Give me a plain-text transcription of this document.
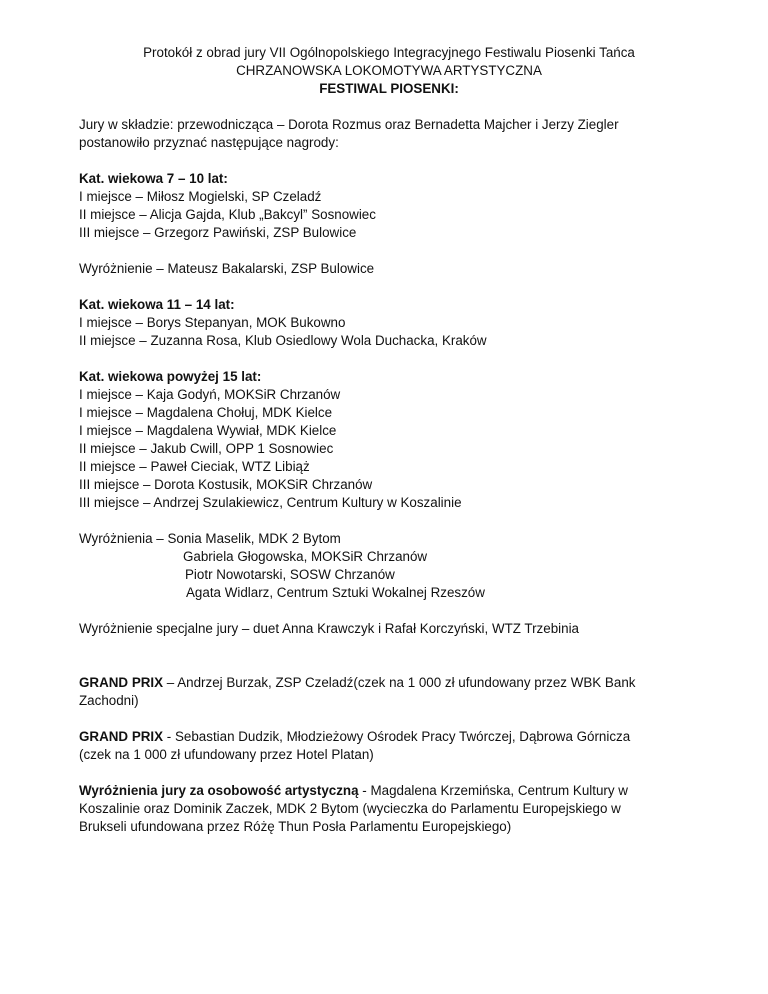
Protokół z obrad jury VII Ogólnopolskiego Integracyjnego Festiwalu Piosenki Tańca
CHRZANOWSKA LOKOMOTYWA ARTYSTYCZNA
FESTIWAL PIOSENKI:
Jury w składzie: przewodnicząca – Dorota Rozmus oraz Bernadetta Majcher i Jerzy Ziegler
postanowiło przyznać następujące nagrody:
Kat. wiekowa 7 – 10 lat:
I miejsce – Miłosz Mogielski, SP Czeladź
II miejsce – Alicja Gajda, Klub „Bakcyl” Sosnowiec
III miejsce – Grzegorz Pawiński, ZSP Bulowice
Wyróżnienie – Mateusz Bakalarski, ZSP Bulowice
Kat. wiekowa 11 – 14 lat:
I miejsce – Borys Stepanyan, MOK Bukowno
II miejsce – Zuzanna Rosa, Klub Osiedlowy Wola Duchacka, Kraków
Kat. wiekowa powyżej 15 lat:
I miejsce – Kaja Godyń, MOKSiR Chrzanów
I miejsce – Magdalena Chołuj, MDK Kielce
I miejsce – Magdalena Wywiał, MDK Kielce
II miejsce – Jakub Cwill, OPP 1 Sosnowiec
II miejsce – Paweł Cieciak, WTZ Libiąż
III miejsce – Dorota Kostusik, MOKSiR Chrzanów
III miejsce – Andrzej Szulakiewicz, Centrum Kultury w Koszalinie
Wyróżnienia – Sonia Maselik, MDK 2 Bytom
Gabriela Głogowska, MOKSiR Chrzanów
Piotr Nowotarski, SOSW Chrzanów
Agata Widlarz, Centrum Sztuki Wokalnej Rzeszów
Wyróżnienie specjalne jury – duet Anna Krawczyk i Rafał Korczyński, WTZ Trzebinia
GRAND PRIX – Andrzej Burzak, ZSP Czeladź(czek na 1 000 zł ufundowany przez WBK Bank
Zachodni)
GRAND PRIX - Sebastian Dudzik, Młodzieżowy Ośrodek Pracy Twórczej, Dąbrowa Górnicza
(czek na 1 000 zł ufundowany przez Hotel Platan)
Wyróżnienia jury za osobowość artystyczną - Magdalena Krzemińska, Centrum Kultury w
Koszalinie oraz Dominik Zaczek, MDK 2 Bytom (wycieczka do Parlamentu Europejskiego w
Brukseli ufundowana przez Różę Thun Posła Parlamentu Europejskiego)
